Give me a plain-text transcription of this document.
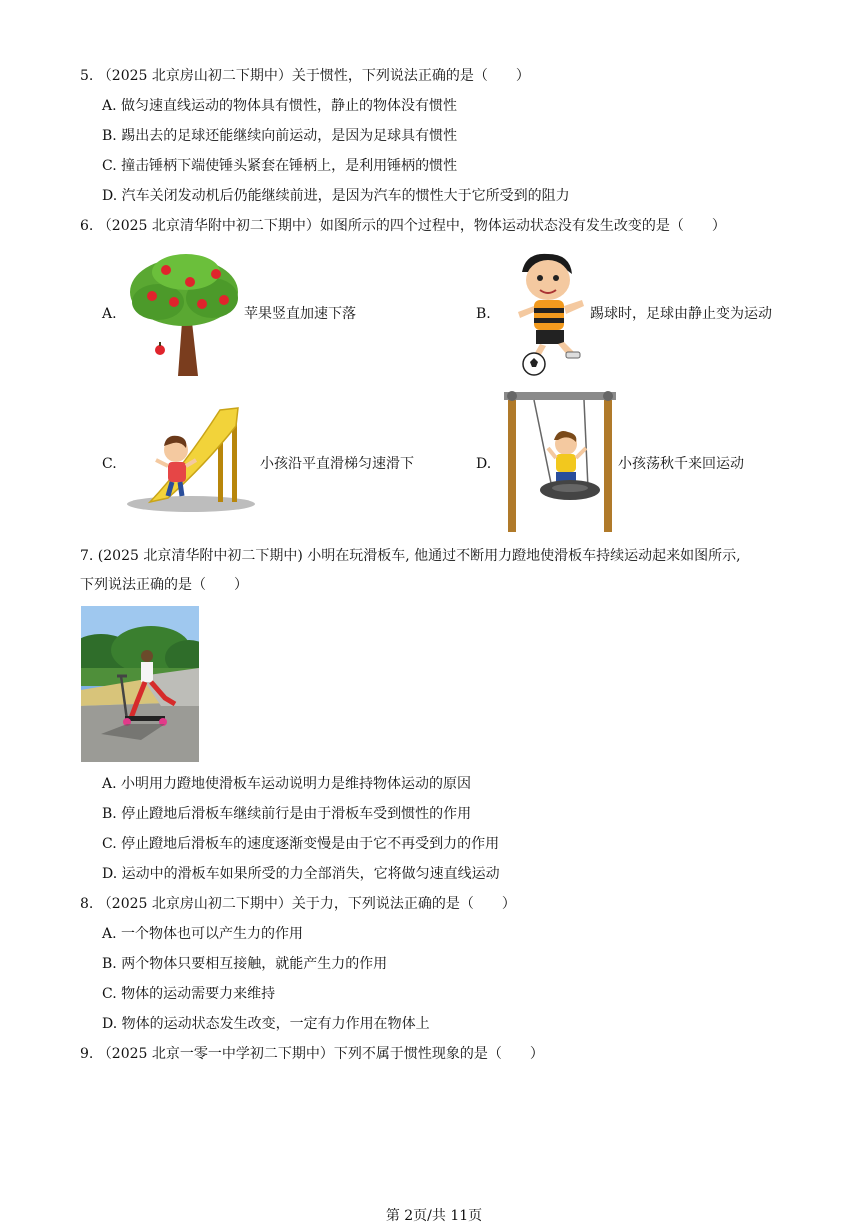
5. （2025 北京房山初二下期中）关于惯性，下列说法正确的是（　　）
A. 做匀速直线运动的物体具有惯性，静止的物体没有惯性
B. 踢出去的足球还能继续向前运动，是因为足球具有惯性
C. 撞击锤柄下端使锤头紧套在锤柄上，是利用锤柄的惯性
D. 汽车关闭发动机后仍能继续前进，是因为汽车的惯性大于它所受到的阻力
6. （2025 北京清华附中初二下期中）如图所示的四个过程中，物体运动状态没有发生改变的是（　　）
A.	苹果竖直加速下落	B.	踢球时，足球由静止变为运动
C.	小孩沿平直滑梯匀速滑下	D.	小孩荡秋千来回运动
7. (2025 北京清华附中初二下期中) 小明在玩滑板车, 他通过不断用力蹬地使滑板车持续运动起来如图所示,
下列说法正确的是（　　）
A. 小明用力蹬地使滑板车运动说明力是维持物体运动的原因
B. 停止蹬地后滑板车继续前行是由于滑板车受到惯性的作用
C. 停止蹬地后滑板车的速度逐渐变慢是由于它不再受到力的作用
D. 运动中的滑板车如果所受的力全部消失，它将做匀速直线运动
8. （2025 北京房山初二下期中）关于力，下列说法正确的是（　　）
A. 一个物体也可以产生力的作用
B. 两个物体只要相互接触，就能产生力的作用
C. 物体的运动需要力来维持
D. 物体的运动状态发生改变，一定有力作用在物体上
9. （2025 北京一零一中学初二下期中）下列不属于惯性现象的是（　　）
第 2页/共 11页
